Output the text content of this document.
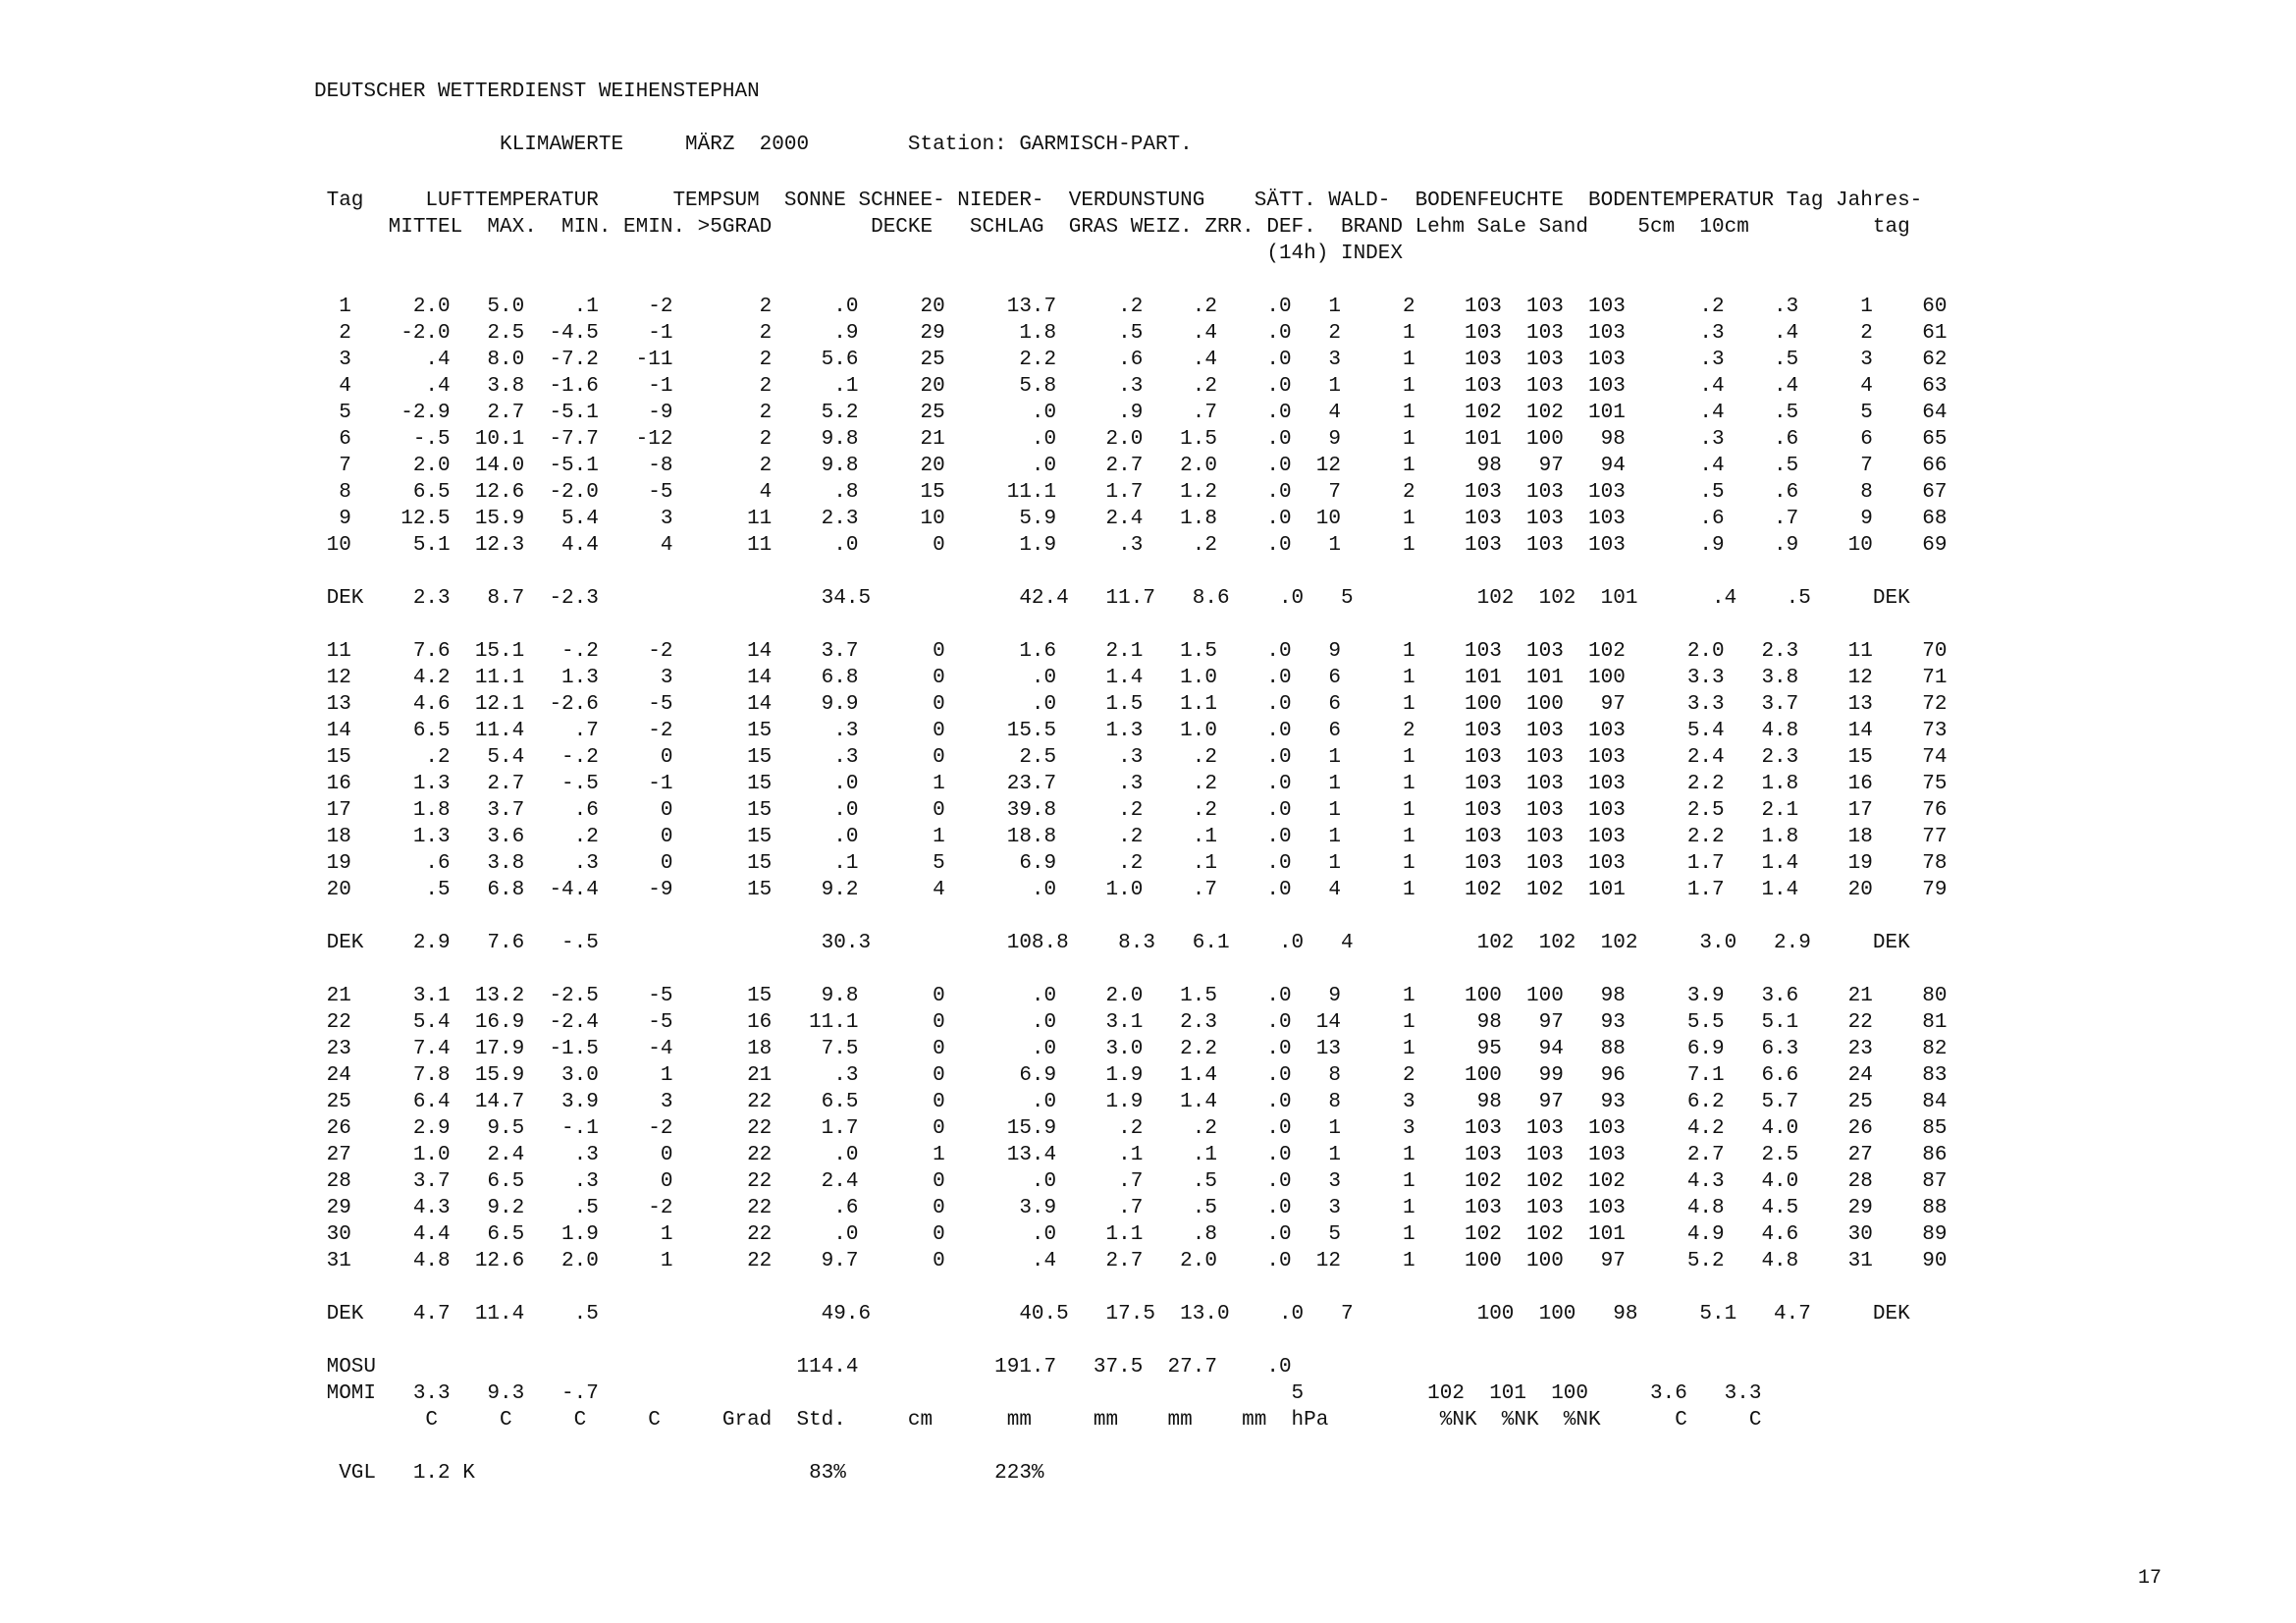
DEUTSCHER WETTERDIENST WEIHENSTEPHAN
KLIMAWERTE     MÄRZ  2000        Station: GARMISCH-PART.
Tag     LUFTTEMPERATUR      TEMPSUM  SONNE SCHNEE- NIEDER-  VERDUNSTUNG    SÄTT. WALD-  BODENFEUCHTE  BODENTEMPERATUR Tag Jahres-
MITTEL  MAX.  MIN. EMIN. >5GRAD        DECKE   SCHLAG  GRAS WEIZ. ZRR. DEF.  BRAND Lehm SaLe Sand    5cm  10cm          tag
(14h) INDEX
1     2.0   5.0    .1    -2       2     .0     20     13.7     .2    .2    .0   1     2    103  103  103      .2    .3     1    60
2    -2.0   2.5  -4.5    -1       2     .9     29      1.8     .5    .4    .0   2     1    103  103  103      .3    .4     2    61
3      .4   8.0  -7.2   -11       2    5.6     25      2.2     .6    .4    .0   3     1    103  103  103      .3    .5     3    62
4      .4   3.8  -1.6    -1       2     .1     20      5.8     .3    .2    .0   1     1    103  103  103      .4    .4     4    63
5    -2.9   2.7  -5.1    -9       2    5.2     25       .0     .9    .7    .0   4     1    102  102  101      .4    .5     5    64
6     -.5  10.1  -7.7   -12       2    9.8     21       .0    2.0   1.5    .0   9     1    101  100   98      .3    .6     6    65
7     2.0  14.0  -5.1    -8       2    9.8     20       .0    2.7   2.0    .0  12     1     98   97   94      .4    .5     7    66
8     6.5  12.6  -2.0    -5       4     .8     15     11.1    1.7   1.2    .0   7     2    103  103  103      .5    .6     8    67
9    12.5  15.9   5.4     3      11    2.3     10      5.9    2.4   1.8    .0  10     1    103  103  103      .6    .7     9    68
10     5.1  12.3   4.4     4      11     .0      0      1.9     .3    .2    .0   1     1    103  103  103      .9    .9    10    69
DEK    2.3   8.7  -2.3                  34.5            42.4   11.7   8.6    .0   5          102  102  101      .4    .5     DEK
11     7.6  15.1   -.2    -2      14    3.7      0      1.6    2.1   1.5    .0   9     1    103  103  102     2.0   2.3    11    70
12     4.2  11.1   1.3     3      14    6.8      0       .0    1.4   1.0    .0   6     1    101  101  100     3.3   3.8    12    71
13     4.6  12.1  -2.6    -5      14    9.9      0       .0    1.5   1.1    .0   6     1    100  100   97     3.3   3.7    13    72
14     6.5  11.4    .7    -2      15     .3      0     15.5    1.3   1.0    .0   6     2    103  103  103     5.4   4.8    14    73
15      .2   5.4   -.2     0      15     .3      0      2.5     .3    .2    .0   1     1    103  103  103     2.4   2.3    15    74
16     1.3   2.7   -.5    -1      15     .0      1     23.7     .3    .2    .0   1     1    103  103  103     2.2   1.8    16    75
17     1.8   3.7    .6     0      15     .0      0     39.8     .2    .2    .0   1     1    103  103  103     2.5   2.1    17    76
18     1.3   3.6    .2     0      15     .0      1     18.8     .2    .1    .0   1     1    103  103  103     2.2   1.8    18    77
19      .6   3.8    .3     0      15     .1      5      6.9     .2    .1    .0   1     1    103  103  103     1.7   1.4    19    78
20      .5   6.8  -4.4    -9      15    9.2      4       .0    1.0    .7    .0   4     1    102  102  101     1.7   1.4    20    79
DEK    2.9   7.6   -.5                  30.3           108.8    8.3   6.1    .0   4          102  102  102     3.0   2.9     DEK
21     3.1  13.2  -2.5    -5      15    9.8      0       .0    2.0   1.5    .0   9     1    100  100   98     3.9   3.6    21    80
22     5.4  16.9  -2.4    -5      16   11.1      0       .0    3.1   2.3    .0  14     1     98   97   93     5.5   5.1    22    81
23     7.4  17.9  -1.5    -4      18    7.5      0       .0    3.0   2.2    .0  13     1     95   94   88     6.9   6.3    23    82
24     7.8  15.9   3.0     1      21     .3      0      6.9    1.9   1.4    .0   8     2    100   99   96     7.1   6.6    24    83
25     6.4  14.7   3.9     3      22    6.5      0       .0    1.9   1.4    .0   8     3     98   97   93     6.2   5.7    25    84
26     2.9   9.5   -.1    -2      22    1.7      0     15.9     .2    .2    .0   1     3    103  103  103     4.2   4.0    26    85
27     1.0   2.4    .3     0      22     .0      1     13.4     .1    .1    .0   1     1    103  103  103     2.7   2.5    27    86
28     3.7   6.5    .3     0      22    2.4      0       .0     .7    .5    .0   3     1    102  102  102     4.3   4.0    28    87
29     4.3   9.2    .5    -2      22     .6      0      3.9     .7    .5    .0   3     1    103  103  103     4.8   4.5    29    88
30     4.4   6.5   1.9     1      22     .0      0       .0    1.1    .8    .0   5     1    102  102  101     4.9   4.6    30    89
31     4.8  12.6   2.0     1      22    9.7      0       .4    2.7   2.0    .0  12     1    100  100   97     5.2   4.8    31    90
DEK    4.7  11.4    .5                  49.6            40.5   17.5  13.0    .0   7          100  100   98     5.1   4.7     DEK
MOSU                                  114.4           191.7   37.5  27.7    .0
MOMI   3.3   9.3   -.7                                                        5          102  101  100     3.6   3.3
C     C     C     C     Grad  Std.     cm      mm     mm    mm    mm  hPa         %NK  %NK  %NK      C     C
VGL   1.2 K                           83%            223%
17
